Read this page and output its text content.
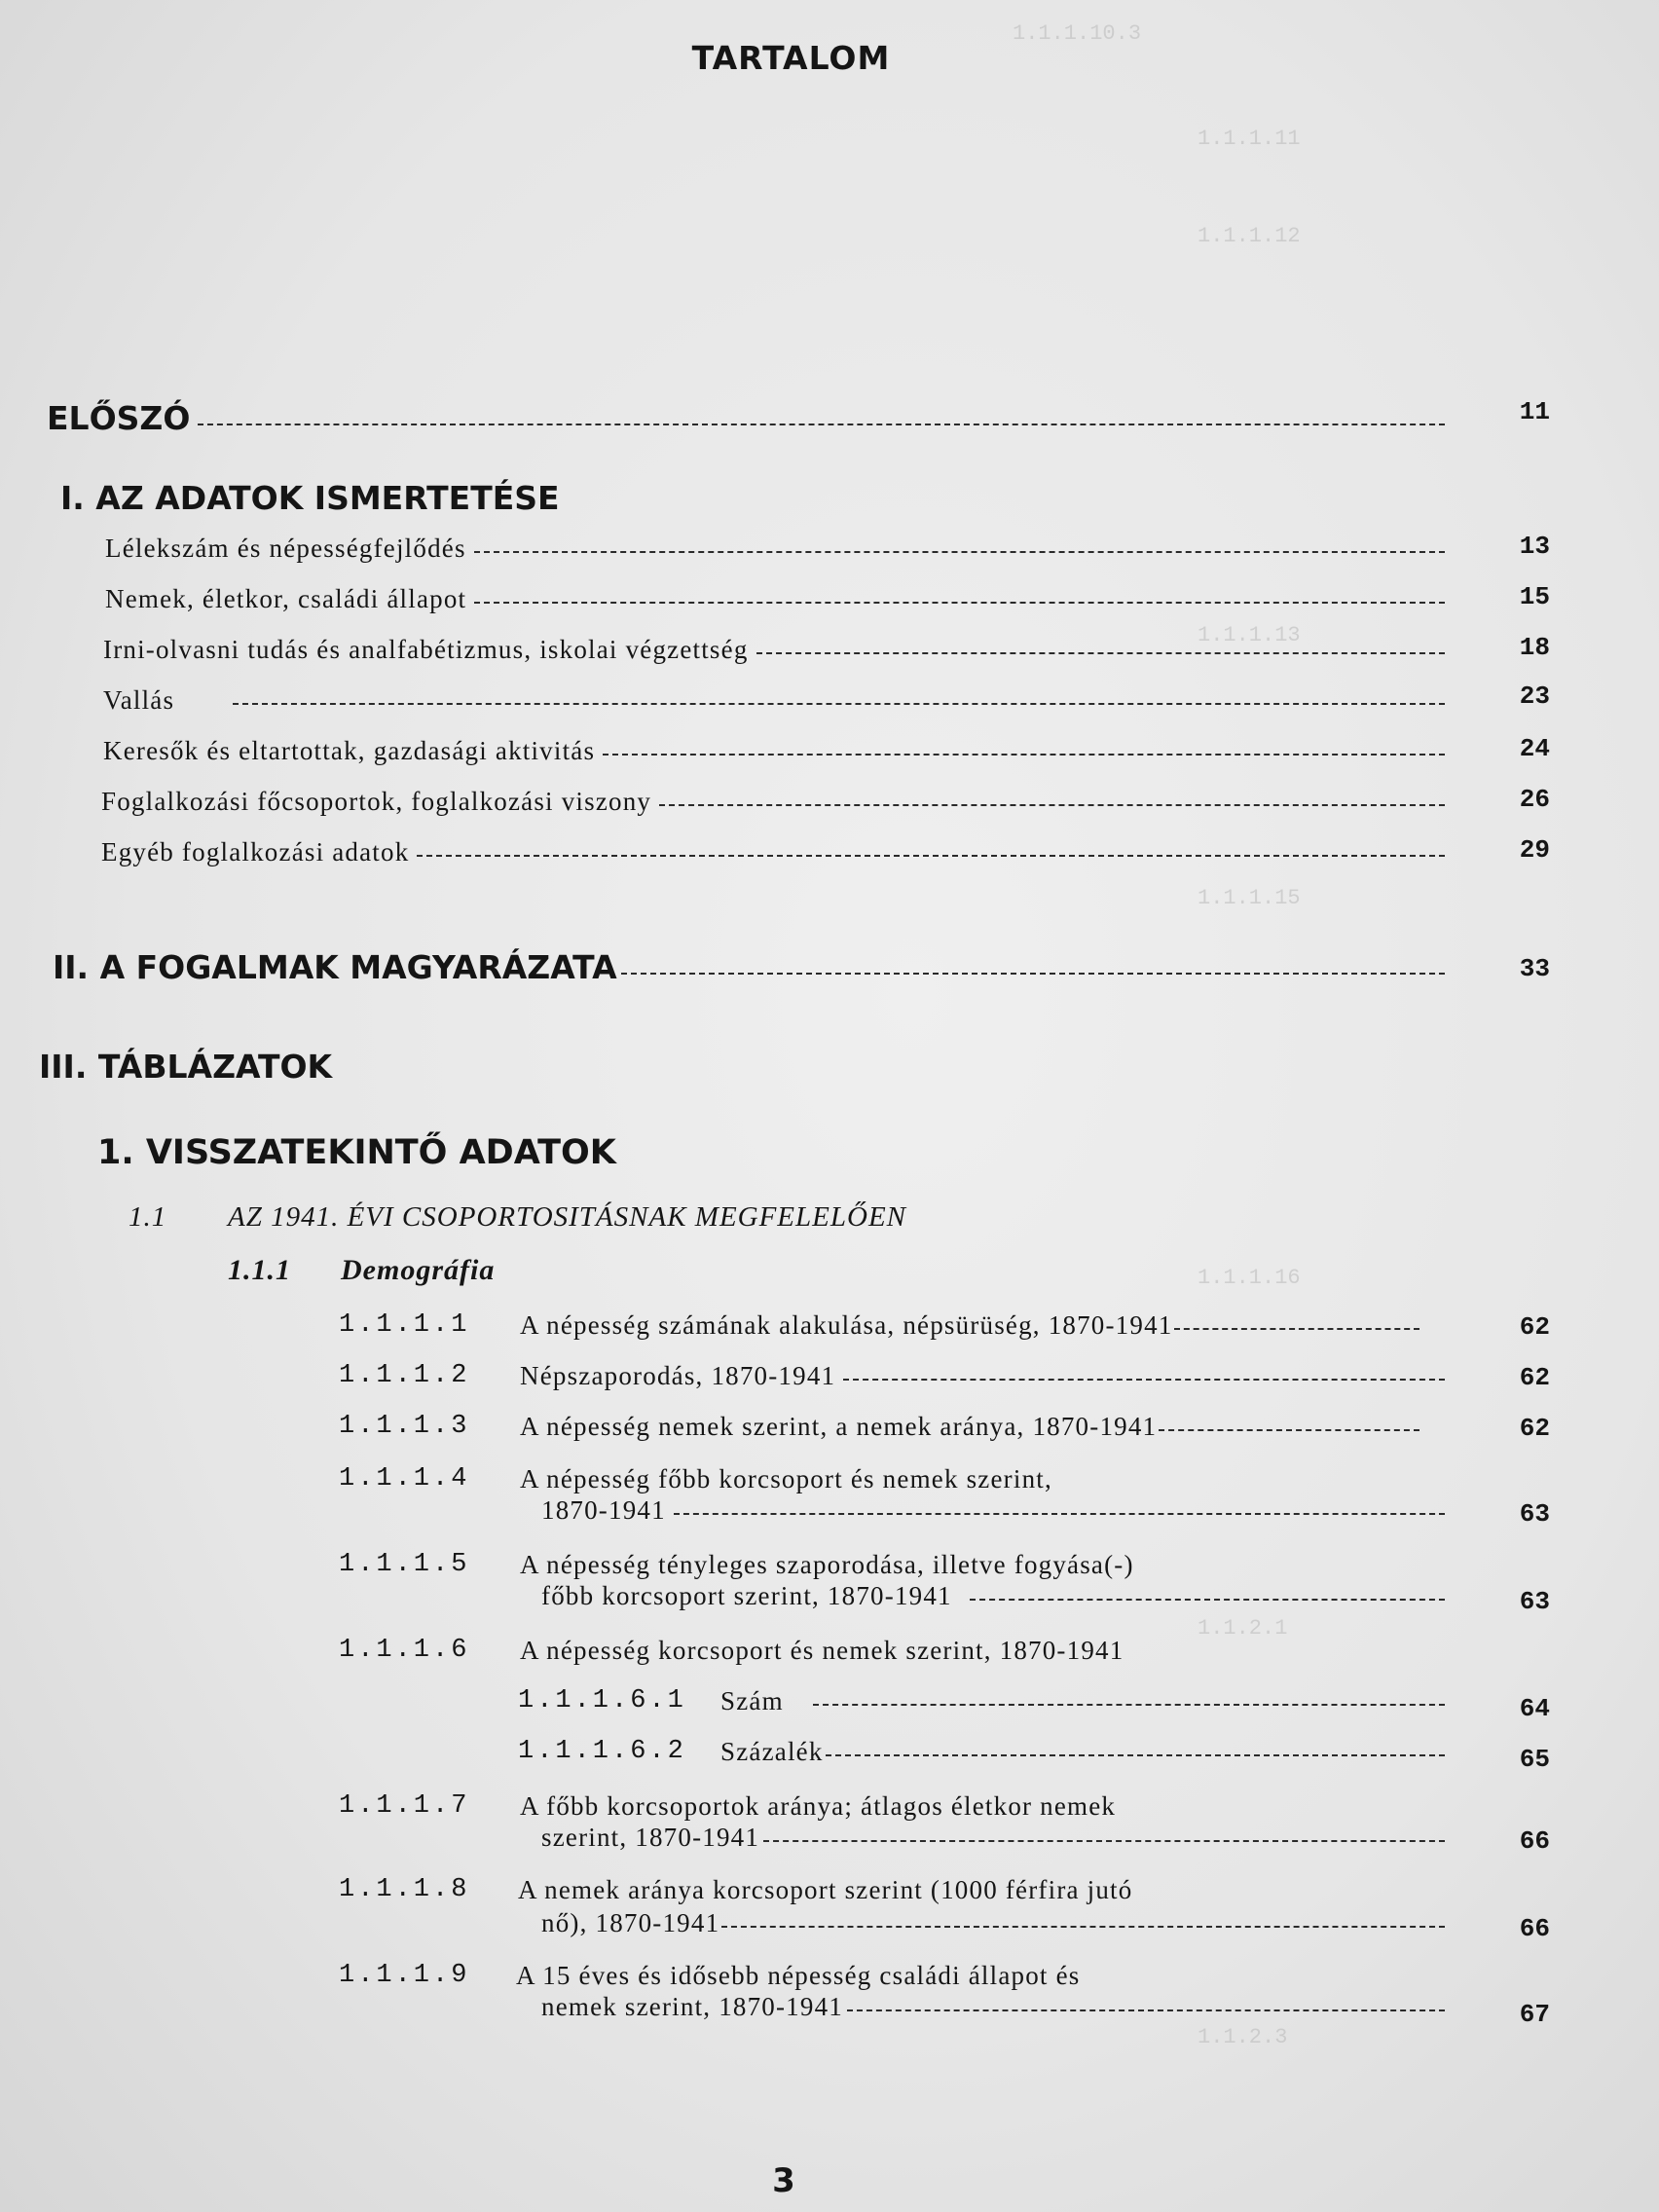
1.1.1.10.3
1.1.1.11
1.1.1.12
1.1.1.13
1.1.1.15
1.1.1.16
1.1.2.1
1.1.2.3
TARTALOM
ELŐSZÓ	11
I. AZ ADATOK ISMERTETÉSE
Lélekszám és népességfejlődés	13
Nemek, életkor, családi állapot	15
Irni-olvasni tudás és analfabétizmus, iskolai végzettség	18
Vallás	23
Keresők és eltartottak, gazdasági aktivitás	24
Foglalkozási főcsoportok, foglalkozási viszony	26
Egyéb foglalkozási adatok	29
II. A FOGALMAK MAGYARÁZATA	33
III. TÁBLÁZATOK
1. VISSZATEKINTŐ ADATOK
1.1	AZ 1941. ÉVI CSOPORTOSITÁSNAK MEGFELELŐEN
1.1.1	Demográfia
1.1.1.1 A népesség számának alakulása, népsürüség, 1870-1941	62
1.1.1.2 Népszaporodás, 1870-1941	62
1.1.1.3 A népesség nemek szerint, a nemek aránya, 1870-1941	62
1.1.1.4 A népesség főbb korcsoport és nemek szerint,
1870-1941	63
1.1.1.5 A népesség tényleges szaporodása, illetve fogyása(-)
főbb korcsoport szerint, 1870-1941	63
1.1.1.6 A népesség korcsoport és nemek szerint, 1870-1941
1.1.1.6.1 Szám	64
1.1.1.6.2 Százalék	65
1.1.1.7 A főbb korcsoportok aránya; átlagos életkor nemek
szerint, 1870-1941	66
1.1.1.8 A nemek aránya korcsoport szerint (1000 férfira jutó
nő), 1870-1941	66
1.1.1.9 A 15 éves és idősebb népesség családi állapot és
nemek szerint, 1870-1941	67
3
